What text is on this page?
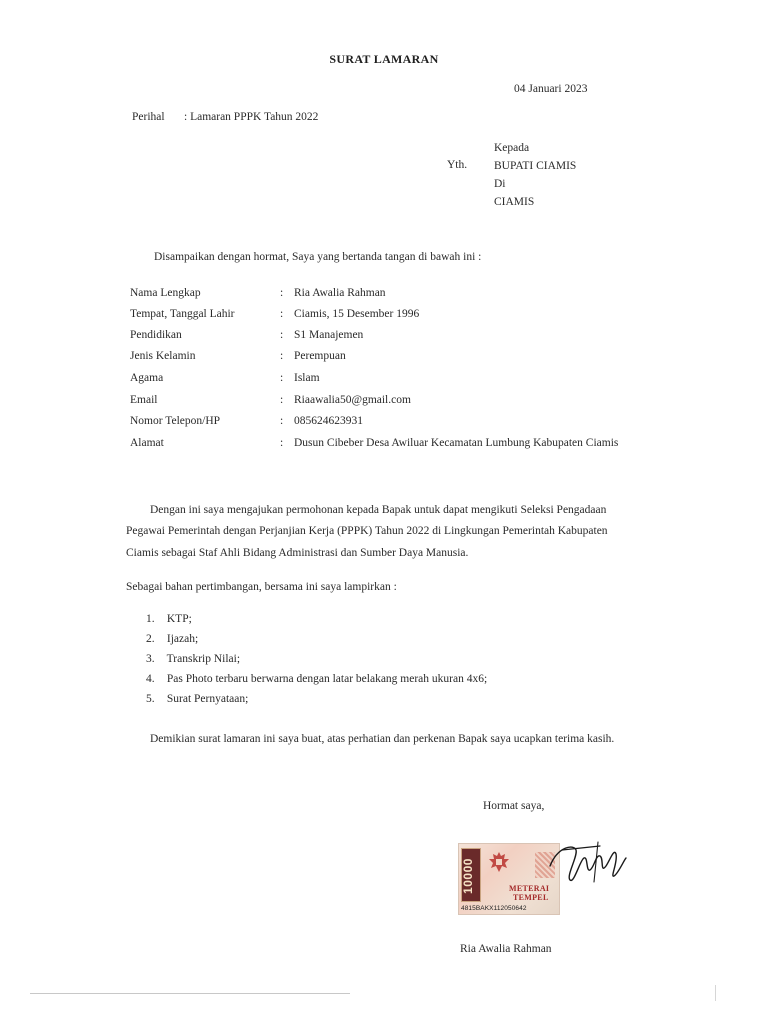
SURAT LAMARAN
04 Januari 2023
Perihal : Lamaran PPPK Tahun 2022
Yth.
Kepada
BUPATI CIAMIS
Di
CIAMIS
Disampaikan dengan hormat, Saya yang bertanda tangan di bawah ini :
Nama Lengkap	: Ria Awalia Rahman
Tempat, Tanggal Lahir	: Ciamis, 15 Desember 1996
Pendidikan	: S1 Manajemen
Jenis Kelamin	: Perempuan
Agama	: Islam
Email	: Riaawalia50@gmail.com
Nomor Telepon/HP	: 085624623931
Alamat	: Dusun Cibeber Desa Awiluar Kecamatan Lumbung Kabupaten Ciamis
Dengan ini saya mengajukan permohonan kepada Bapak untuk dapat mengikuti Seleksi Pengadaan
Pegawai Pemerintah dengan Perjanjian Kerja (PPPK) Tahun 2022 di Lingkungan Pemerintah Kabupaten
Ciamis sebagai Staf Ahli Bidang Administrasi dan Sumber Daya Manusia.
Sebagai bahan pertimbangan, bersama ini saya lampirkan :
1. KTP;
2. Ijazah;
3. Transkrip Nilai;
4. Pas Photo terbaru berwarna dengan latar belakang merah ukuran 4x6;
5. Surat Pernyataan;
Demikian surat lamaran ini saya buat, atas perhatian dan perkenan Bapak saya ucapkan terima kasih.
Hormat saya,
10000	METERAI
TEMPEL
4815BAKX112050642
Ria Awalia Rahman
